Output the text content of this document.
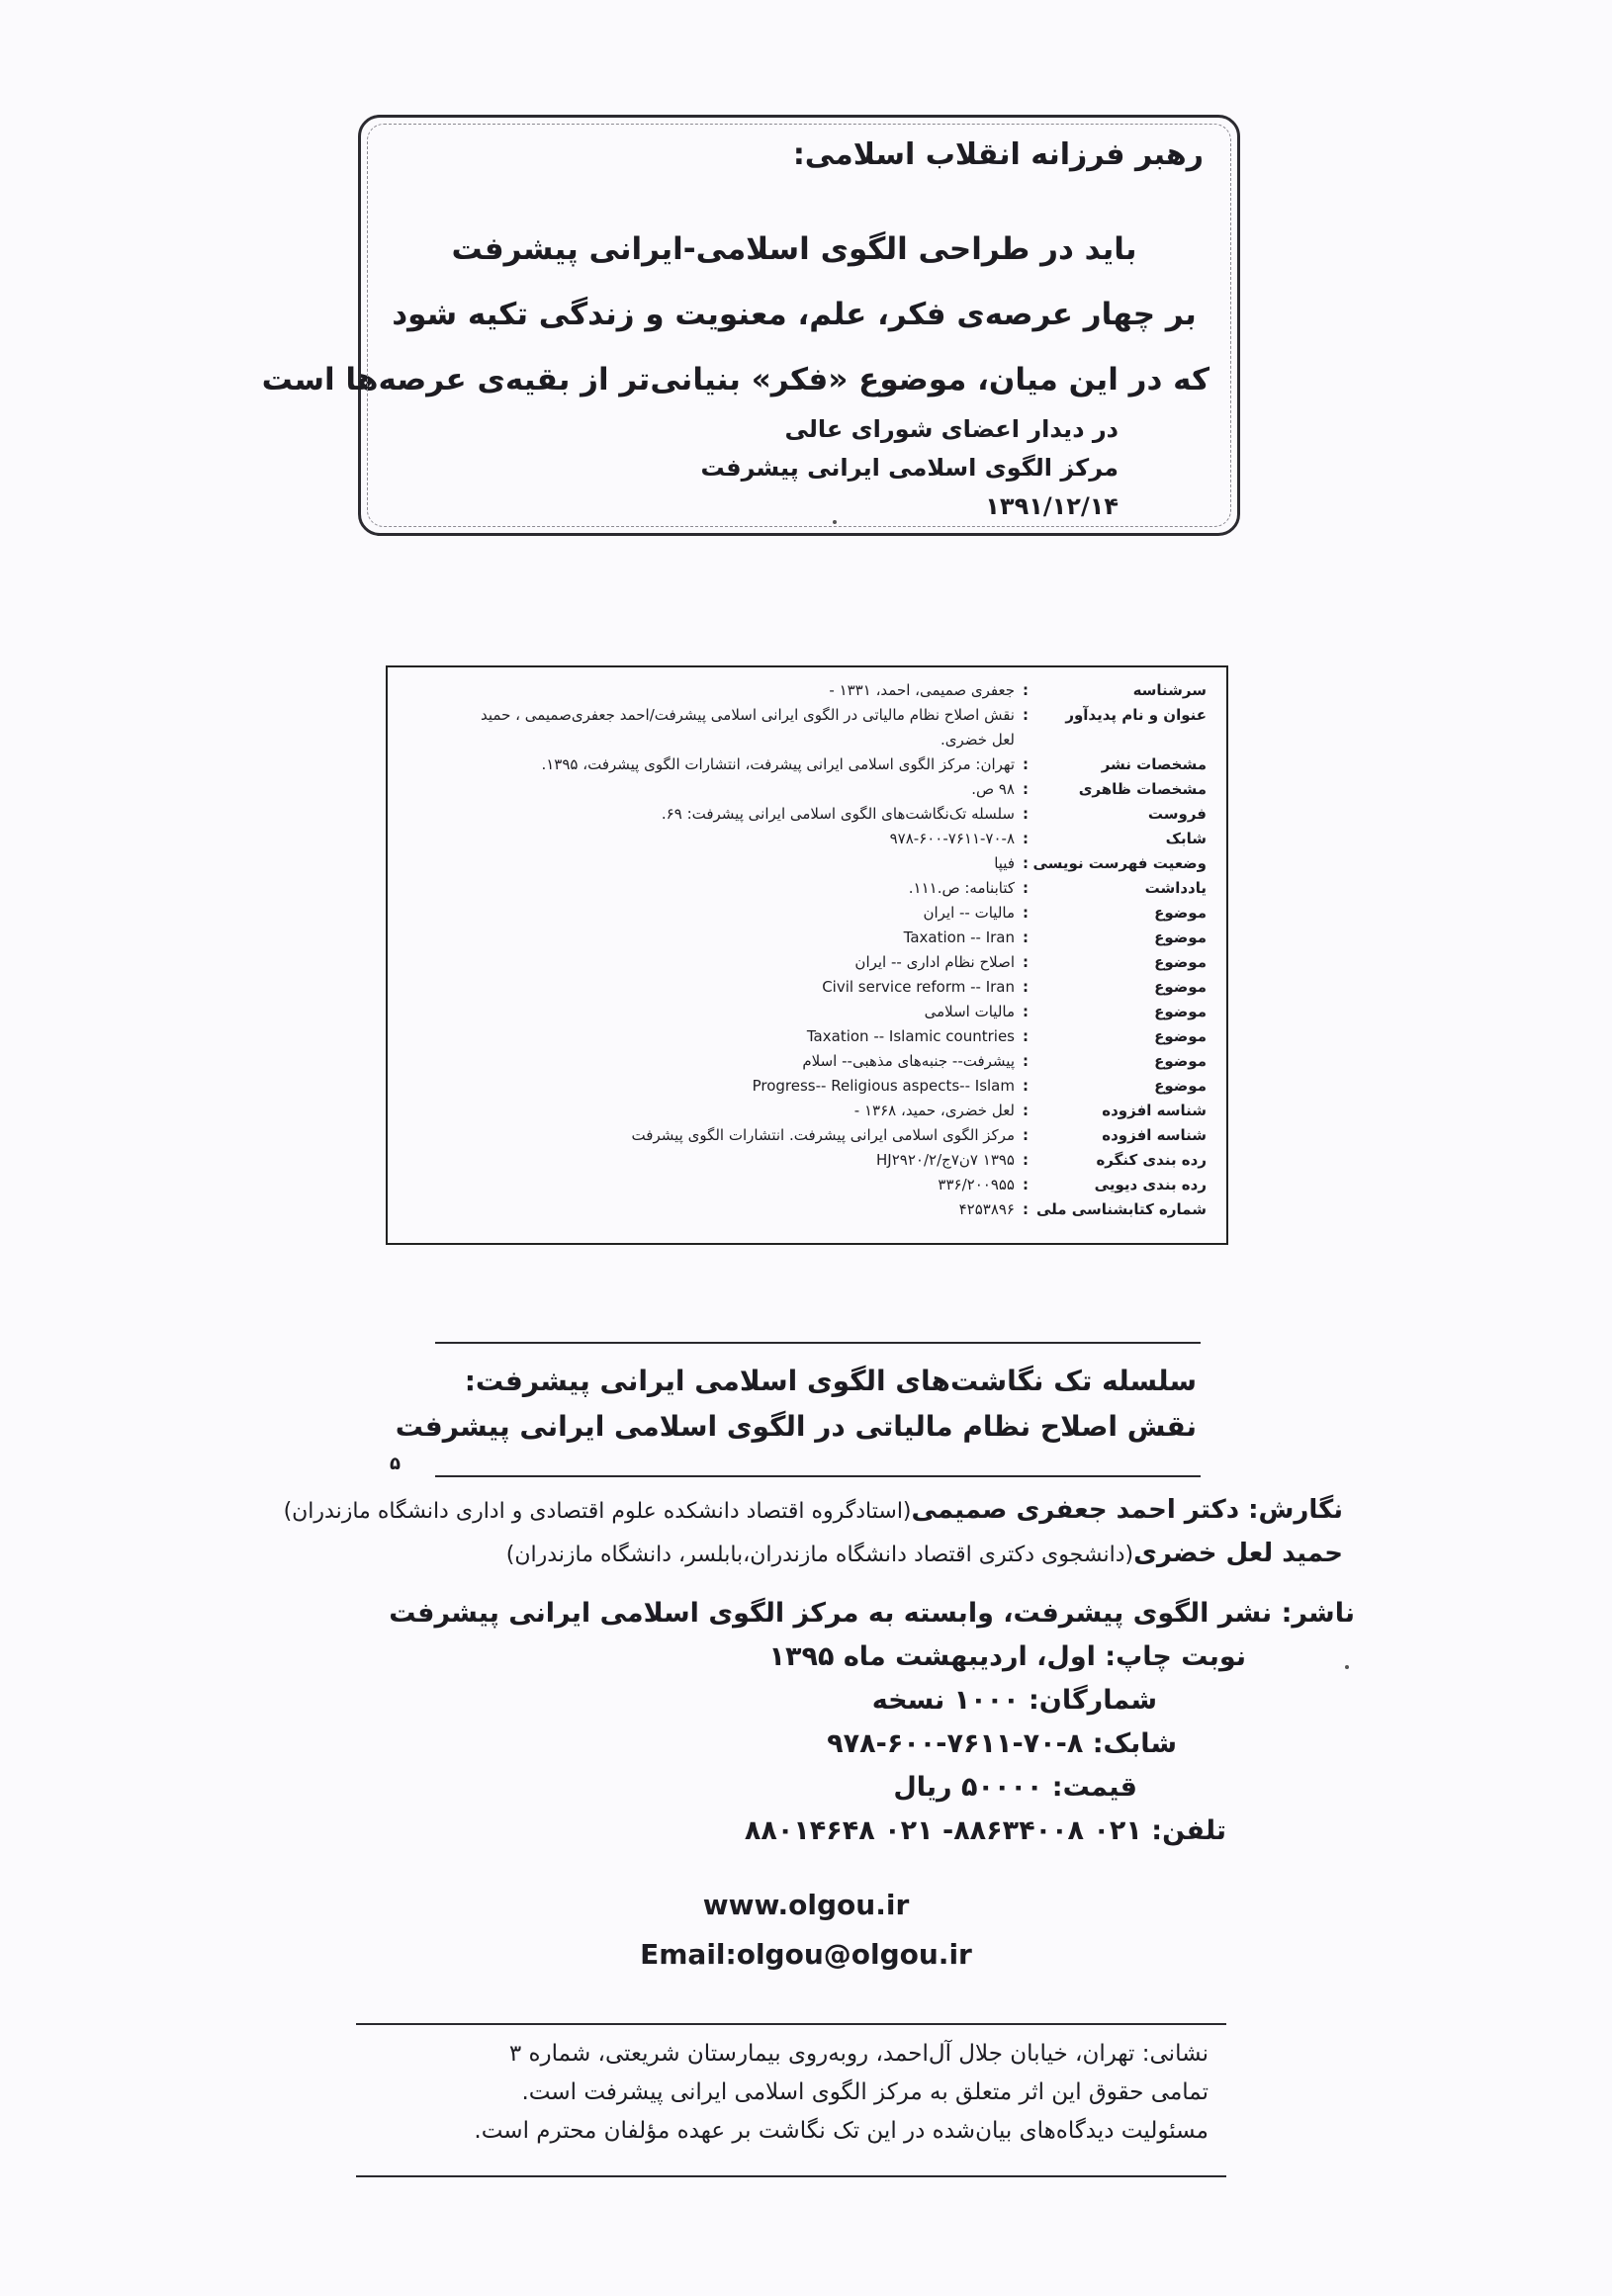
رهبر فرزانه انقلاب اسلامی:
باید در طراحی الگوی اسلامی-ایرانی پیشرفت
بر چهار عرصه‌ی فکر، علم، معنویت و زندگی تکیه شود
که در این میان، موضوع «فکر» بنیانی‌تر از بقیه‌ی عرصه‌ها است
در دیدار اعضای شورای عالی
مرکز الگوی اسلامی ایرانی پیشرفت
۱۳۹۱/۱۲/۱۴
سرشناسه
:
جعفری صمیمی، احمد، ۱۳۳۱ -
عنوان و نام پدیدآور
:
نقش اصلاح نظام مالیاتی در الگوی ایرانی اسلامی پیشرفت/احمد جعفری‌صمیمی ، حمید
لعل خضری.
مشخصات نشر
:
تهران: مرکز الگوی اسلامی ایرانی پیشرفت، انتشارات الگوی پیشرفت، ۱۳۹۵.
مشخصات ظاهری
:
۹۸ ص.
فروست
:
سلسله تک‌نگاشت‌های الگوی اسلامی ایرانی پیشرفت: ۶۹.
شابک
:
۹۷۸-۶۰۰-۷۶۱۱-۷۰-۸
وضعیت فهرست نویسی
:
فیپا
یادداشت
:
کتابنامه: ص.۱۱۱.
موضوع
:
مالیات -- ایران
موضوع
:
Taxation -- Iran
موضوع
:
اصلاح نظام اداری -- ایران
موضوع
:
Civil service reform -- Iran
موضوع
:
مالیات اسلامی
موضوع
:
Taxation -- Islamic countries
موضوع
:
پیشرفت-- جنبه‌های مذهبی-- اسلام
موضوع
:
Progress-- Religious aspects-- Islam
شناسه افزوده
:
لعل خضری، حمید، ۱۳۶۸ -
شناسه افزوده
:
مرکز الگوی اسلامی ایرانی پیشرفت. انتشارات الگوی پیشرفت
رده بندی کنگره
:
۱۳۹۵ ۷ن۷ج/۲/HJ۲۹۲۰
رده بندی دیویی
:
۳۳۶/۲۰۰۹۵۵
شماره کتابشناسی ملی
:
۴۲۵۳۸۹۶
سلسله تک نگاشت‌های الگوی اسلامی ایرانی پیشرفت:
نقش اصلاح نظام مالیاتی در الگوی اسلامی ایرانی پیشرفت
۵
نگارش: دکتر احمد جعفری صمیمی(استادگروه اقتصاد دانشکده علوم اقتصادی و اداری دانشگاه مازندران)
حمید لعل خضری(دانشجوی دکتری اقتصاد دانشگاه مازندران،بابلسر، دانشگاه مازندران)
ناشر: نشر الگوی پیشرفت، وابسته به مرکز الگوی اسلامی ایرانی پیشرفت
نوبت چاپ: اول، اردیبهشت ماه ۱۳۹۵
شمارگان: ۱۰۰۰ نسخه
شابک: ۸-۷۰-۷۶۱۱-۶۰۰-۹۷۸
قیمت: ۵۰۰۰۰ ریال
تلفن: ۰۲۱ ۸۸۶۳۴۰۰۸- ۰۲۱ ۸۸۰۱۴۶۴۸
www.olgou.ir
Email:olgou@olgou.ir
نشانی: تهران، خیابان جلال آل‌احمد، روبه‌روی بیمارستان شریعتی، شماره ۳
تمامی حقوق این اثر متعلق به مرکز الگوی اسلامی ایرانی پیشرفت است.
مسئولیت دیدگاه‌های بیان‌شده در این تک نگاشت بر عهده مؤلفان محترم است.
